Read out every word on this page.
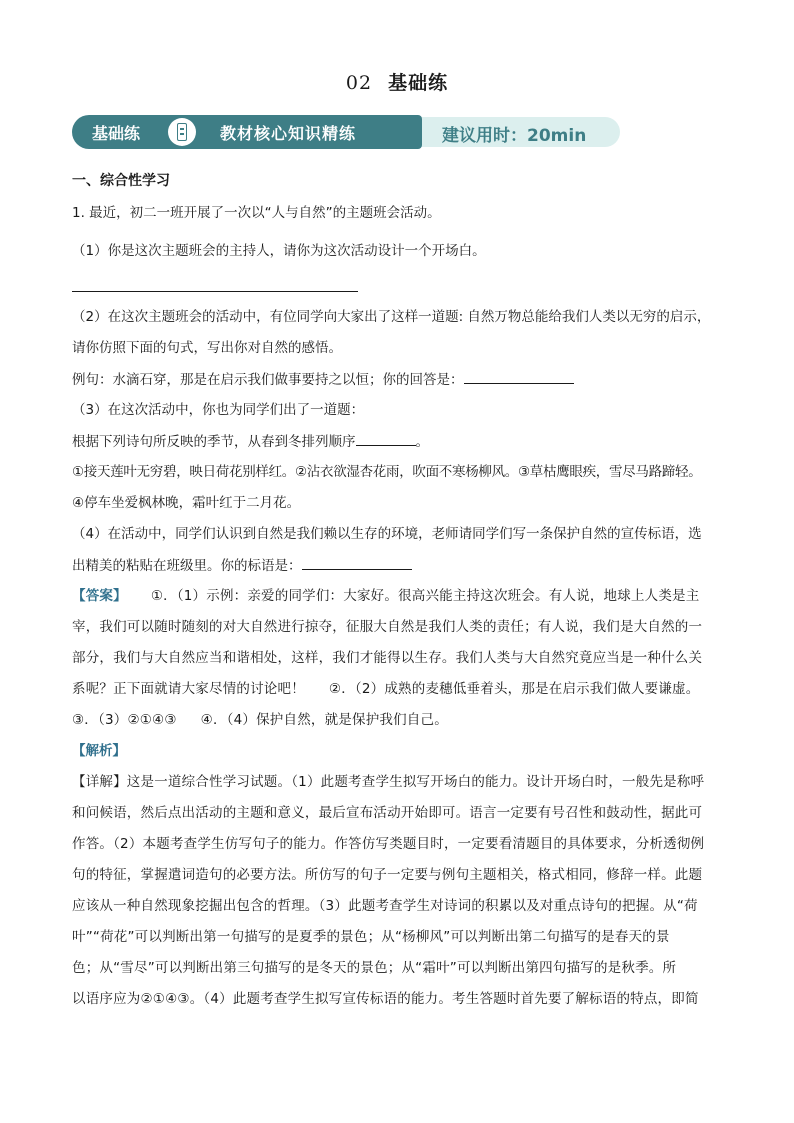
02 基础练
基础练	教材核心知识精练	建议用时：20min
一、综合性学习
1. 最近，初二一班开展了一次以“人与自然”的主题班会活动。
（1）你是这次主题班会的主持人，请你为这次活动设计一个开场白。
（2）在这次主题班会的活动中，有位同学向大家出了这样一道题: 自然万物总能给我们人类以无穷的启示，
请你仿照下面的句式，写出你对自然的感悟。
例句：水滴石穿，那是在启示我们做事要持之以恒；你的回答是：
（3）在这次活动中，你也为同学们出了一道题：
根据下列诗句所反映的季节，从春到冬排列顺序	。
①接天莲叶无穷碧，映日荷花别样红。②沾衣欲湿杏花雨，吹面不寒杨柳风。③草枯鹰眼疾，雪尽马路蹄轻。
④停车坐爱枫林晚，霜叶红于二月花。
（4）在活动中，同学们认识到自然是我们赖以生存的环境，老师请同学们写一条保护自然的宣传标语，选
出精美的粘贴在班级里。你的标语是：
【答案】 ①．（1）示例：亲爱的同学们：大家好。很高兴能主持这次班会。有人说，地球上人类是主
宰，我们可以随时随刻的对大自然进行掠夺，征服大自然是我们人类的责任；有人说，我们是大自然的一
部分，我们与大自然应当和谐相处，这样，我们才能得以生存。我们人类与大自然究竟应当是一种什么关
系呢？正下面就请大家尽情的讨论吧！ ②．（2）成熟的麦穗低垂着头，那是在启示我们做人要谦虚。
③．（3）②①④③ ④．（4）保护自然，就是保护我们自己。
【解析】
【详解】这是一道综合性学习试题。（1）此题考查学生拟写开场白的能力。设计开场白时，一般先是称呼
和问候语，然后点出活动的主题和意义，最后宣布活动开始即可。语言一定要有号召性和鼓动性，据此可
作答。（2）本题考查学生仿写句子的能力。作答仿写类题目时，一定要看清题目的具体要求，分析透彻例
句的特征，掌握遣词造句的必要方法。所仿写的句子一定要与例句主题相关，格式相同，修辞一样。此题
应该从一种自然现象挖掘出包含的哲理。（3）此题考查学生对诗词的积累以及对重点诗句的把握。从“荷
叶”“荷花”可以判断出第一句描写的是夏季的景色；从“杨柳风”可以判断出第二句描写的是春天的景
色；从“雪尽”可以判断出第三句描写的是冬天的景色；从“霜叶”可以判断出第四句描写的是秋季。所
以语序应为②①④③。（4）此题考查学生拟写宣传标语的能力。考生答题时首先要了解标语的特点，即简
